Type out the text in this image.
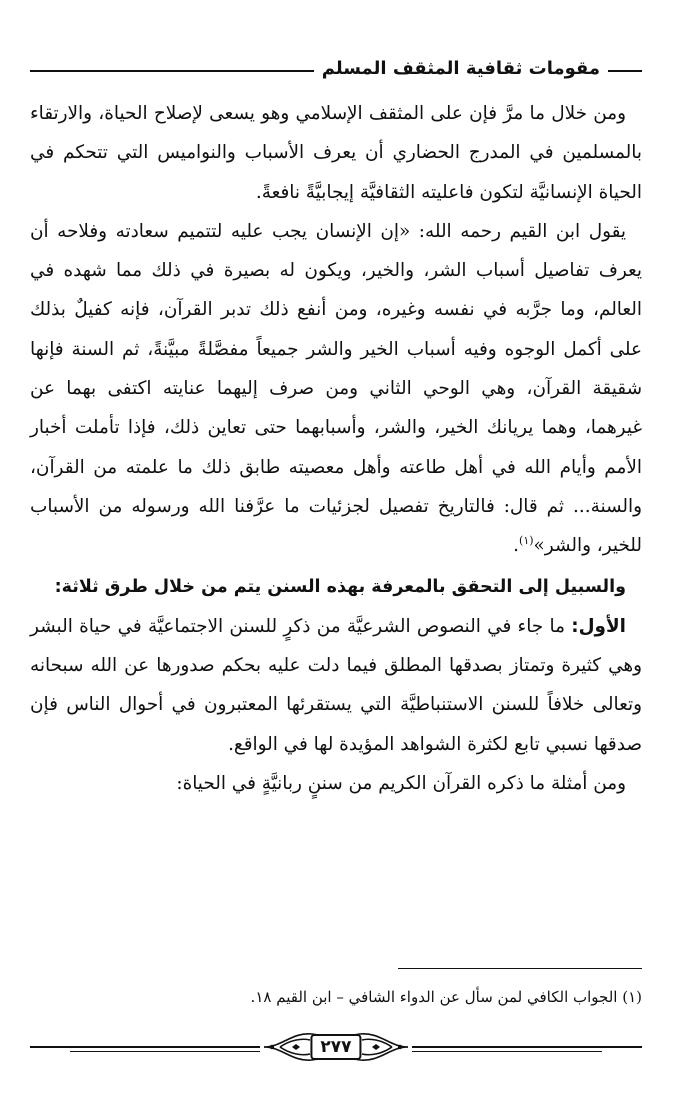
مقومات ثقافية المثقف المسلم

ومن خلال ما مرَّ فإن على المثقف الإسلامي وهو يسعى لإصلاح الحياة، والارتقاء بالمسلمين في المدرج الحضاري أن يعرف الأسباب والنواميس التي تتحكم في الحياة الإنسانيَّة لتكون فاعليته الثقافيَّة إيجابيَّةً نافعةً.

يقول ابن القيم رحمه الله: «إن الإنسان يجب عليه لتتميم سعادته وفلاحه أن يعرف تفاصيل أسباب الشر، والخير، ويكون له بصيرة في ذلك مما شهده في العالم، وما جرَّبه في نفسه وغيره، ومن أنفع ذلك تدبر القرآن، فإنه كفيلٌ بذلك على أكمل الوجوه وفيه أسباب الخير والشر جميعاً مفصَّلةً مبيَّنةً، ثم السنة فإنها شقيقة القرآن، وهي الوحي الثاني ومن صرف إليهما عنايته اكتفى بهما عن غيرهما، وهما يريانك الخير، والشر، وأسبابهما حتى تعاين ذلك، فإذا تأملت أخبار الأمم وأيام الله في أهل طاعته وأهل معصيته طابق ذلك ما علمته من القرآن، والسنة... ثم قال: فالتاريخ تفصيل لجزئيات ما عرَّفنا الله ورسوله من الأسباب للخير، والشر»$^{(١)}$.

والسبيل إلى التحقق بالمعرفة بهذه السنن يتم من خلال طرق ثلاثة:

الأول: ما جاء في النصوص الشرعيَّة من ذكرٍ للسنن الاجتماعيَّة في حياة البشر وهي كثيرة وتمتاز بصدقها المطلق فيما دلت عليه بحكم صدورها عن الله سبحانه وتعالى خلافاً للسنن الاستنباطيَّة التي يستقرئها المعتبرون في أحوال الناس فإن صدقها نسبي تابع لكثرة الشواهد المؤيدة لها في الواقع.

ومن أمثلة ما ذكره القرآن الكريم من سننٍ ربانيَّةٍ في الحياة:

(١) الجواب الكافي لمن سأل عن الدواء الشافي – ابن القيم ١٨.
٢٧٧
